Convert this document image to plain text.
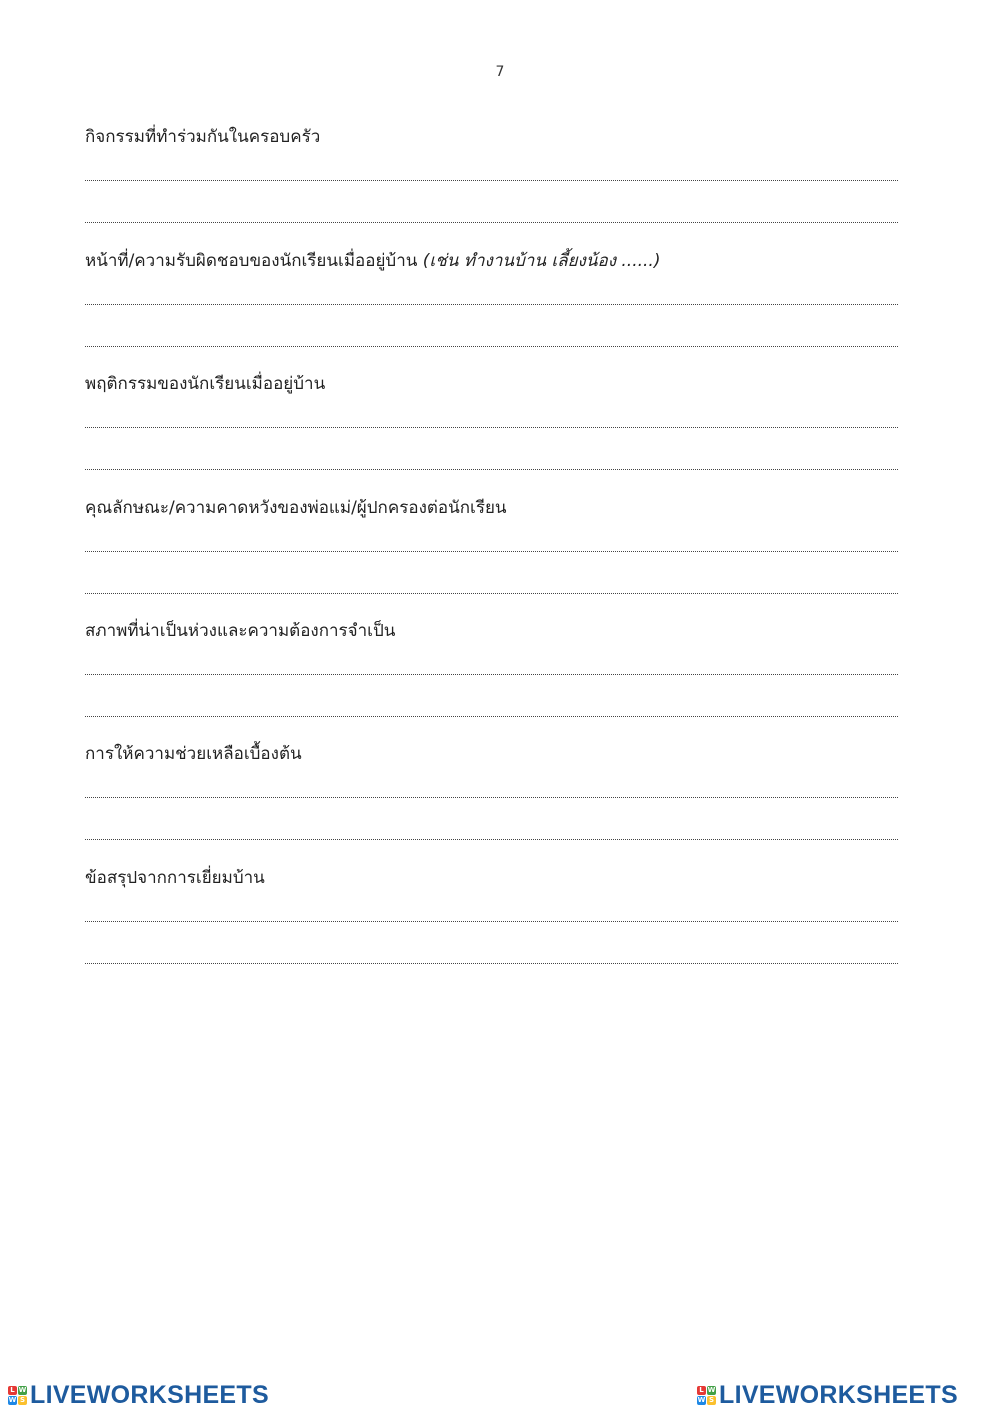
7
กิจกรรมที่ทำร่วมกันในครอบครัว
หน้าที่/ความรับผิดชอบของนักเรียนเมื่ออยู่บ้าน (เช่น ทำงานบ้าน เลี้ยงน้อง ......)
พฤติกรรมของนักเรียนเมื่ออยู่บ้าน
คุณลักษณะ/ความคาดหวังของพ่อแม่/ผู้ปกครองต่อนักเรียน
สภาพที่น่าเป็นห่วงและความต้องการจำเป็น
การให้ความช่วยเหลือเบื้องต้น
ข้อสรุปจากการเยี่ยมบ้าน
L W
W S LIVEWORKSHEETS	L W
W S LIVEWORKSHEETS
